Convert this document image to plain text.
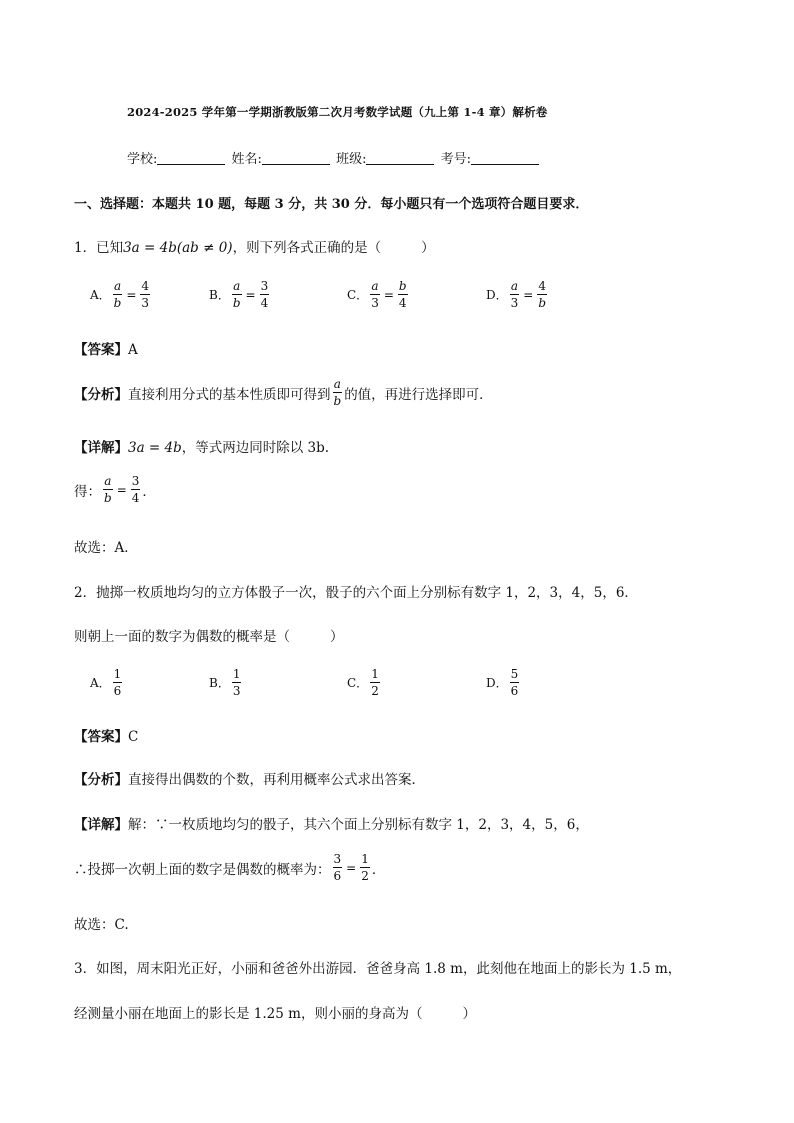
2024-2025 学年第一学期浙教版第二次月考数学试题（九上第 1-4 章）解析卷
学校:	姓名:	班级:	考号:
一、选择题：本题共 10 题，每题 3 分，共 30 分．每小题只有一个选项符合题目要求．
1．已知3a = 4b(ab ≠ 0)，则下列各式正确的是（	）
A． $\frac{a}{b} = \frac{4}{3}$	B． $\frac{a}{b} = \frac{3}{4}$	C． $\frac{a}{3} = \frac{b}{4}$	D． $\frac{a}{3} = \frac{4}{b}$
【答案】A
【分析】 直接利用分式的基本性质即可得到 $\frac{a}{b}$ 的值，再进行选择即可．
【详解】3a = 4b，等式两边同时除以 3b.
得： $\frac{a}{b} = \frac{3}{4}$ ．
故选：A．
2．抛掷一枚质地均匀的立方体骰子一次，骰子的六个面上分别标有数字 1，2，3，4，5，6．
则朝上一面的数字为偶数的概率是（	）
A． $\frac{1}{6}$	B． $\frac{1}{3}$	C． $\frac{1}{2}$	D． $\frac{5}{6}$
【答案】C
【分析】直接得出偶数的个数，再利用概率公式求出答案．
【详解】解：∵一枚质地均匀的骰子，其六个面上分别标有数字 1，2，3，4，5，6，
∴投掷一次朝上面的数字是偶数的概率为： $\frac{3}{6} = \frac{1}{2}$ ．
故选：C.
3．如图，周末阳光正好，小丽和爸爸外出游园．爸爸身高 1.8 m，此刻他在地面上的影长为 1.5 m，
经测量小丽在地面上的影长是 1.25 m，则小丽的身高为（	）
